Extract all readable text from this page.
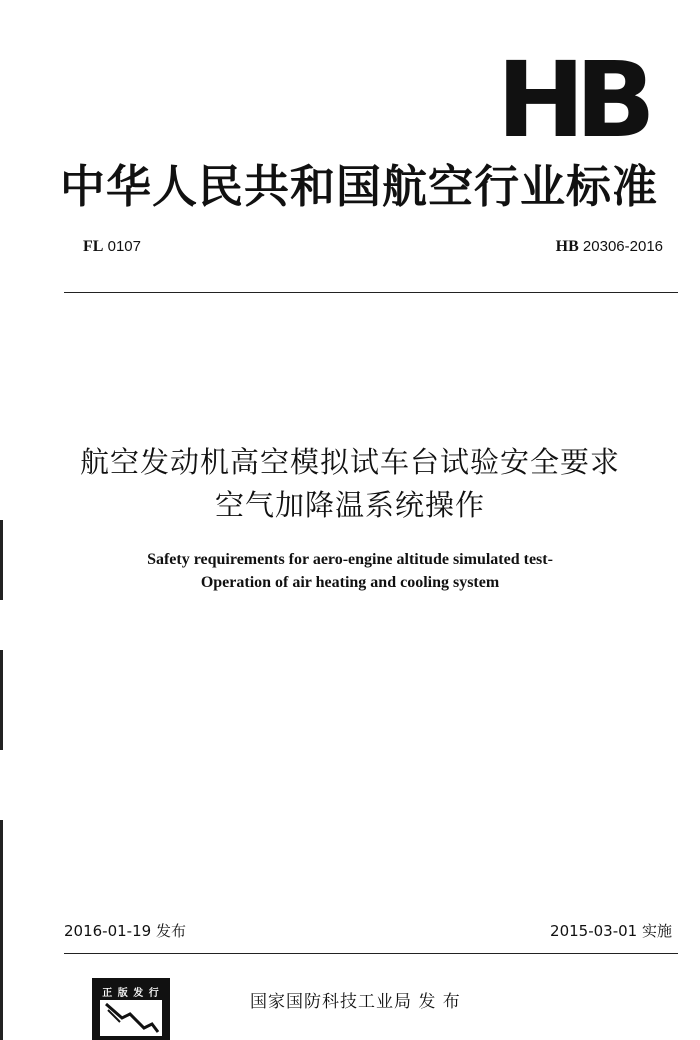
HB
中华人民共和国航空行业标准
FL 0107	HB 20306-2016
航空发动机高空模拟试车台试验安全要求
空气加降温系统操作
Safety requirements for aero-engine altitude simulated test-
Operation of air heating and cooling system
2016-01-19 发布	2015-03-01 实施
正 版 发 行	国家国防科技工业局 发 布
